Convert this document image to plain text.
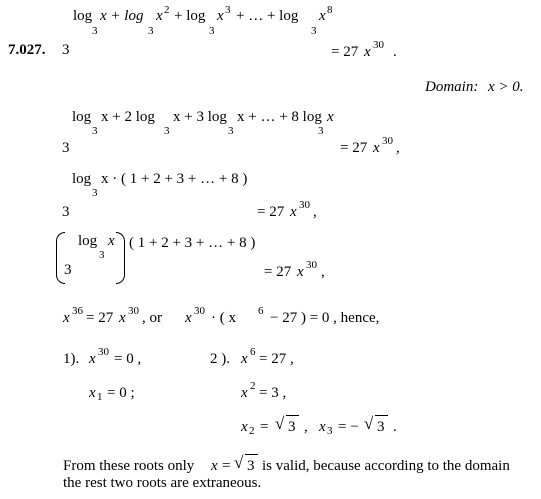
7.027. 3
log
3
x + log
3
x 2 + log
3
x 3 + … + log
3
x 8
= 27 x 30 .
Domain: x > 0.
log
3
x + 2 log
3
x + 3 log
3
x + … + 8 log
3
x
3	= 27 x 30 ,
log
3
x · ( 1 + 2 + 3 + … + 8 )
3	= 27 x 30 ,
log
3
x
3
( 1 + 2 + 3 + … + 8 )
= 27 x 30 ,
x 36 = 27 x 30 , or x 30 · ( x 6 − 27 ) = 0 , hence,
1). x 30 = 0 ,
x 1 = 0 ;
2 ). x 6 = 27 ,
x 2 = 3 ,
x 2 = √ 3 , x 3 = − √ 3 .
From these roots only x = √ 3 is valid, because according to the domain
the rest two roots are extraneous.
